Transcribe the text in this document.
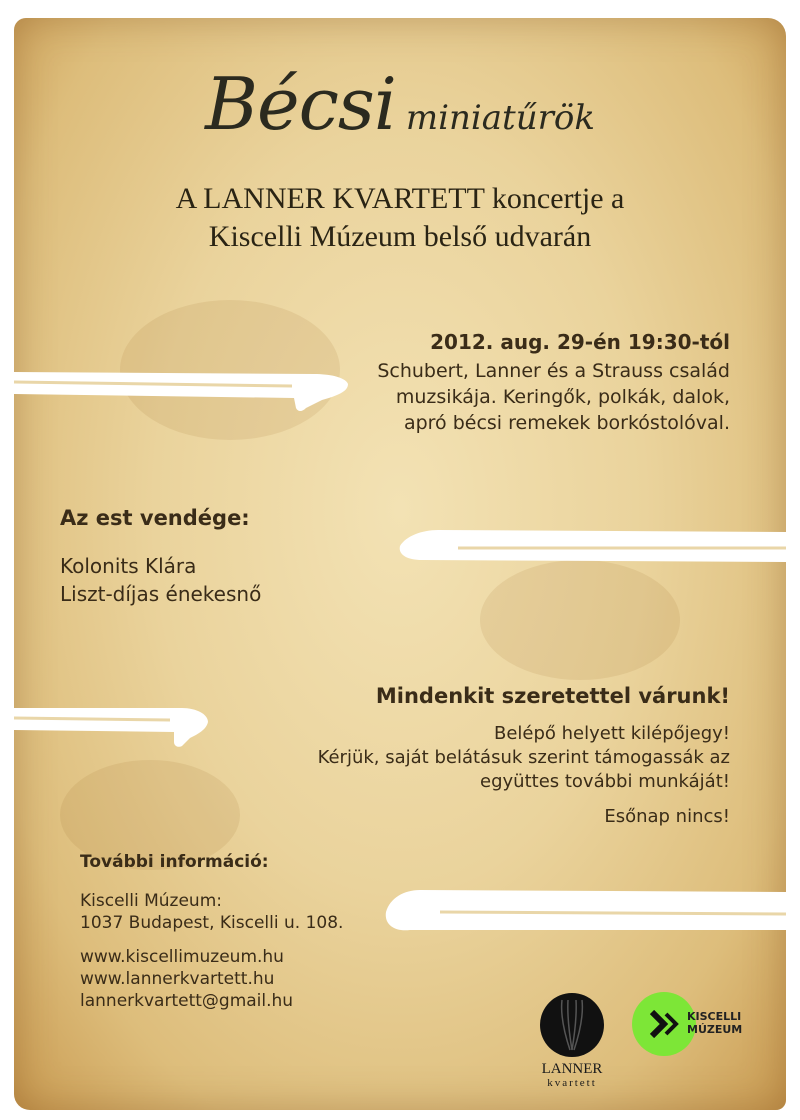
Bécsi miniatűrök
A LANNER KVARTETT koncertje a
Kiscelli Múzeum belső udvarán
2012. aug. 29-én 19:30-tól
Schubert, Lanner és a Strauss család
muzsikája. Keringők, polkák, dalok,
apró bécsi remekek borkóstolóval.
Az est vendége:
Kolonits Klára
Liszt-díjas énekesnő
Mindenkit szeretettel várunk!
Belépő helyett kilépőjegy!
Kérjük, saját belátásuk szerint támogassák az
együttes további munkáját!
Esőnap nincs!
További információ:
Kiscelli Múzeum:
1037 Budapest, Kiscelli u. 108.
www.kiscellimuzeum.hu
www.lannerkvartett.hu
lannerkvartett@gmail.hu
LANNER
kvartett
KISCELLI
MÚZEUM
